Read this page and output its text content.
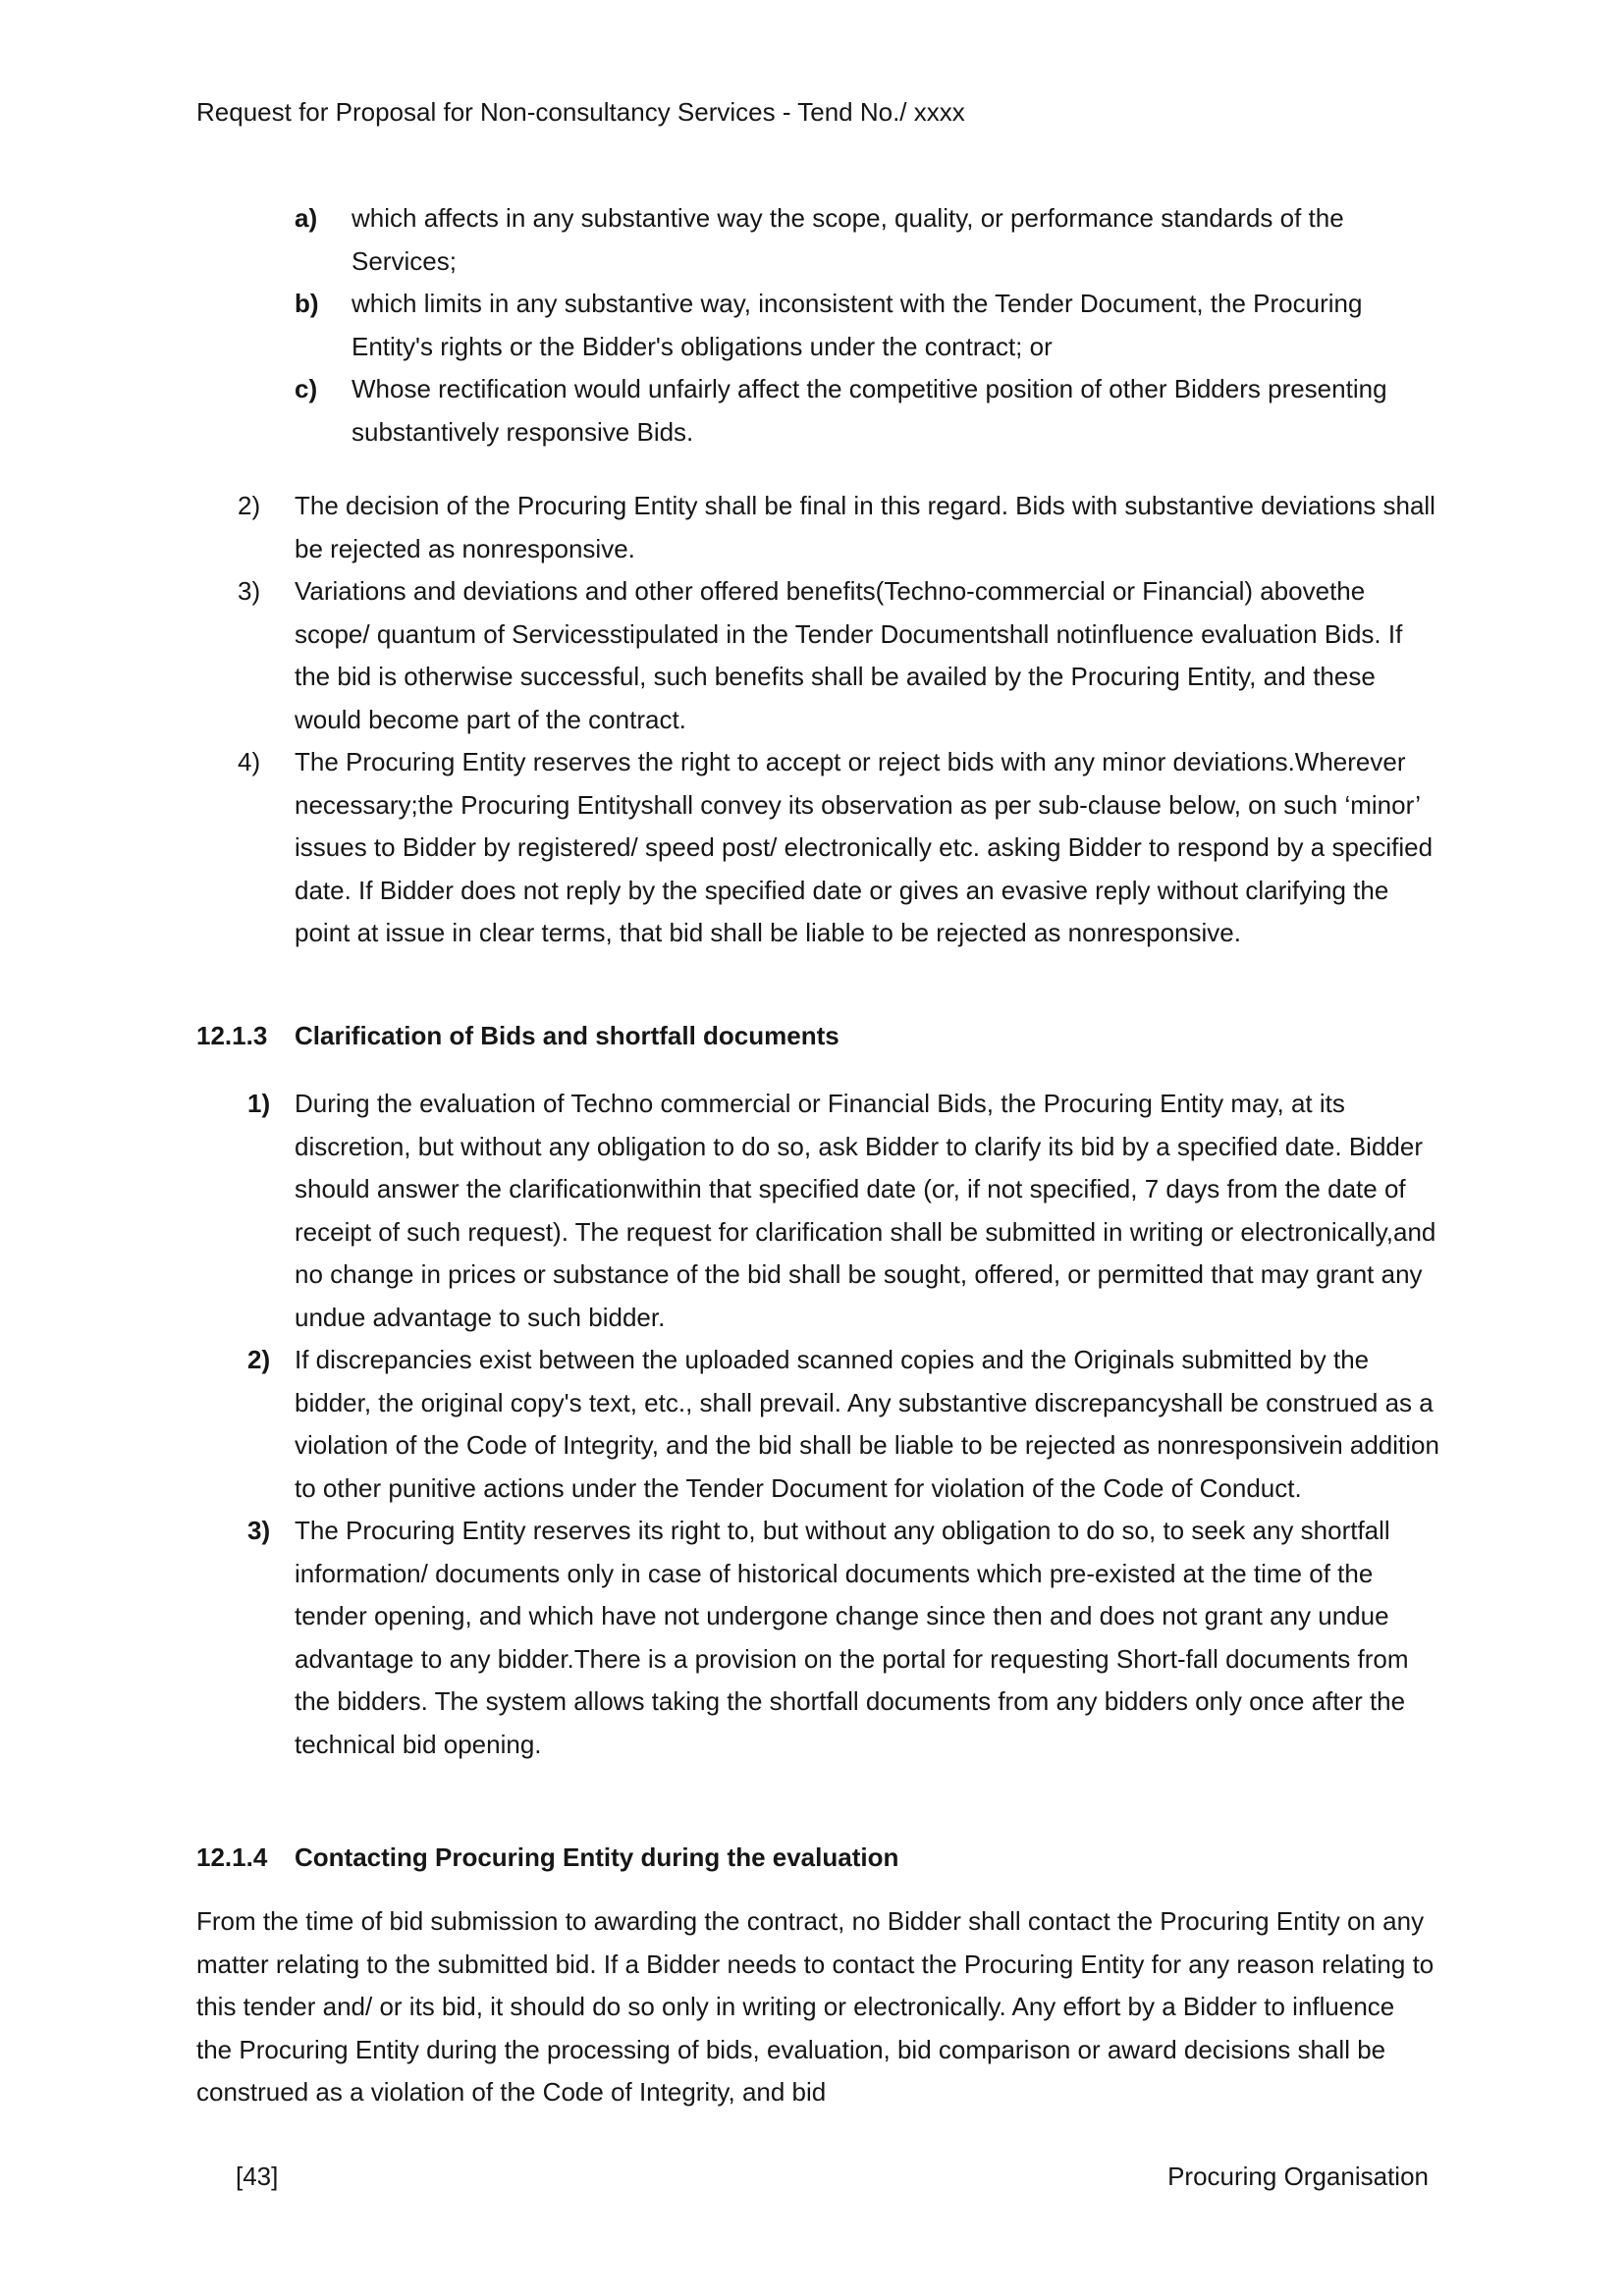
Request for Proposal for Non-consultancy Services - Tend No./ xxxx
a)	which affects in any substantive way the scope, quality, or performance standards of the Services;
b)	which limits in any substantive way, inconsistent with the Tender Document, the Procuring Entity's rights or the Bidder's obligations under the contract; or
c)	Whose rectification would unfairly affect the competitive position of other Bidders presenting substantively responsive Bids.
2)	The decision of the Procuring Entity shall be final in this regard. Bids with substantive deviations shall be rejected as nonresponsive.
3)	Variations and deviations and other offered benefits(Techno-commercial or Financial) abovethe scope/ quantum of Servicesstipulated in the Tender Documentshall notinfluence evaluation Bids. If the bid is otherwise successful, such benefits shall be availed by the Procuring Entity, and these would become part of the contract.
4)	The Procuring Entity reserves the right to accept or reject bids with any minor deviations.Wherever necessary;the Procuring Entityshall convey its observation as per sub-clause below, on such ‘minor’ issues to Bidder by registered/ speed post/ electronically etc. asking Bidder to respond by a specified date. If Bidder does not reply by the specified date or gives an evasive reply without clarifying the point at issue in clear terms, that bid shall be liable to be rejected as nonresponsive.
12.1.3	Clarification of Bids and shortfall documents
1) During the evaluation of Techno commercial or Financial Bids, the Procuring Entity may, at its discretion, but without any obligation to do so, ask Bidder to clarify its bid by a specified date. Bidder should answer the clarificationwithin that specified date (or, if not specified, 7 days from the date of receipt of such request). The request for clarification shall be submitted in writing or electronically,and no change in prices or substance of the bid shall be sought, offered, or permitted that may grant any undue advantage to such bidder.
2) If discrepancies exist between the uploaded scanned copies and the Originals submitted by the bidder, the original copy's text, etc., shall prevail. Any substantive discrepancyshall be construed as a violation of the Code of Integrity, and the bid shall be liable to be rejected as nonresponsivein addition to other punitive actions under the Tender Document for violation of the Code of Conduct.
3) The Procuring Entity reserves its right to, but without any obligation to do so, to seek any shortfall information/ documents only in case of historical documents which pre-existed at the time of the tender opening, and which have not undergone change since then and does not grant any undue advantage to any bidder.There is a provision on the portal for requesting Short-fall documents from the bidders. The system allows taking the shortfall documents from any bidders only once after the technical bid opening.
12.1.4	Contacting Procuring Entity during the evaluation
From the time of bid submission to awarding the contract, no Bidder shall contact the Procuring Entity on any matter relating to the submitted bid. If a Bidder needs to contact the Procuring Entity for any reason relating to this tender and/ or its bid, it should do so only in writing or electronically. Any effort by a Bidder to influence the Procuring Entity during the processing of bids, evaluation, bid comparison or award decisions shall be construed as a violation of the Code of Integrity, and bid
[43]	Procuring Organisation
